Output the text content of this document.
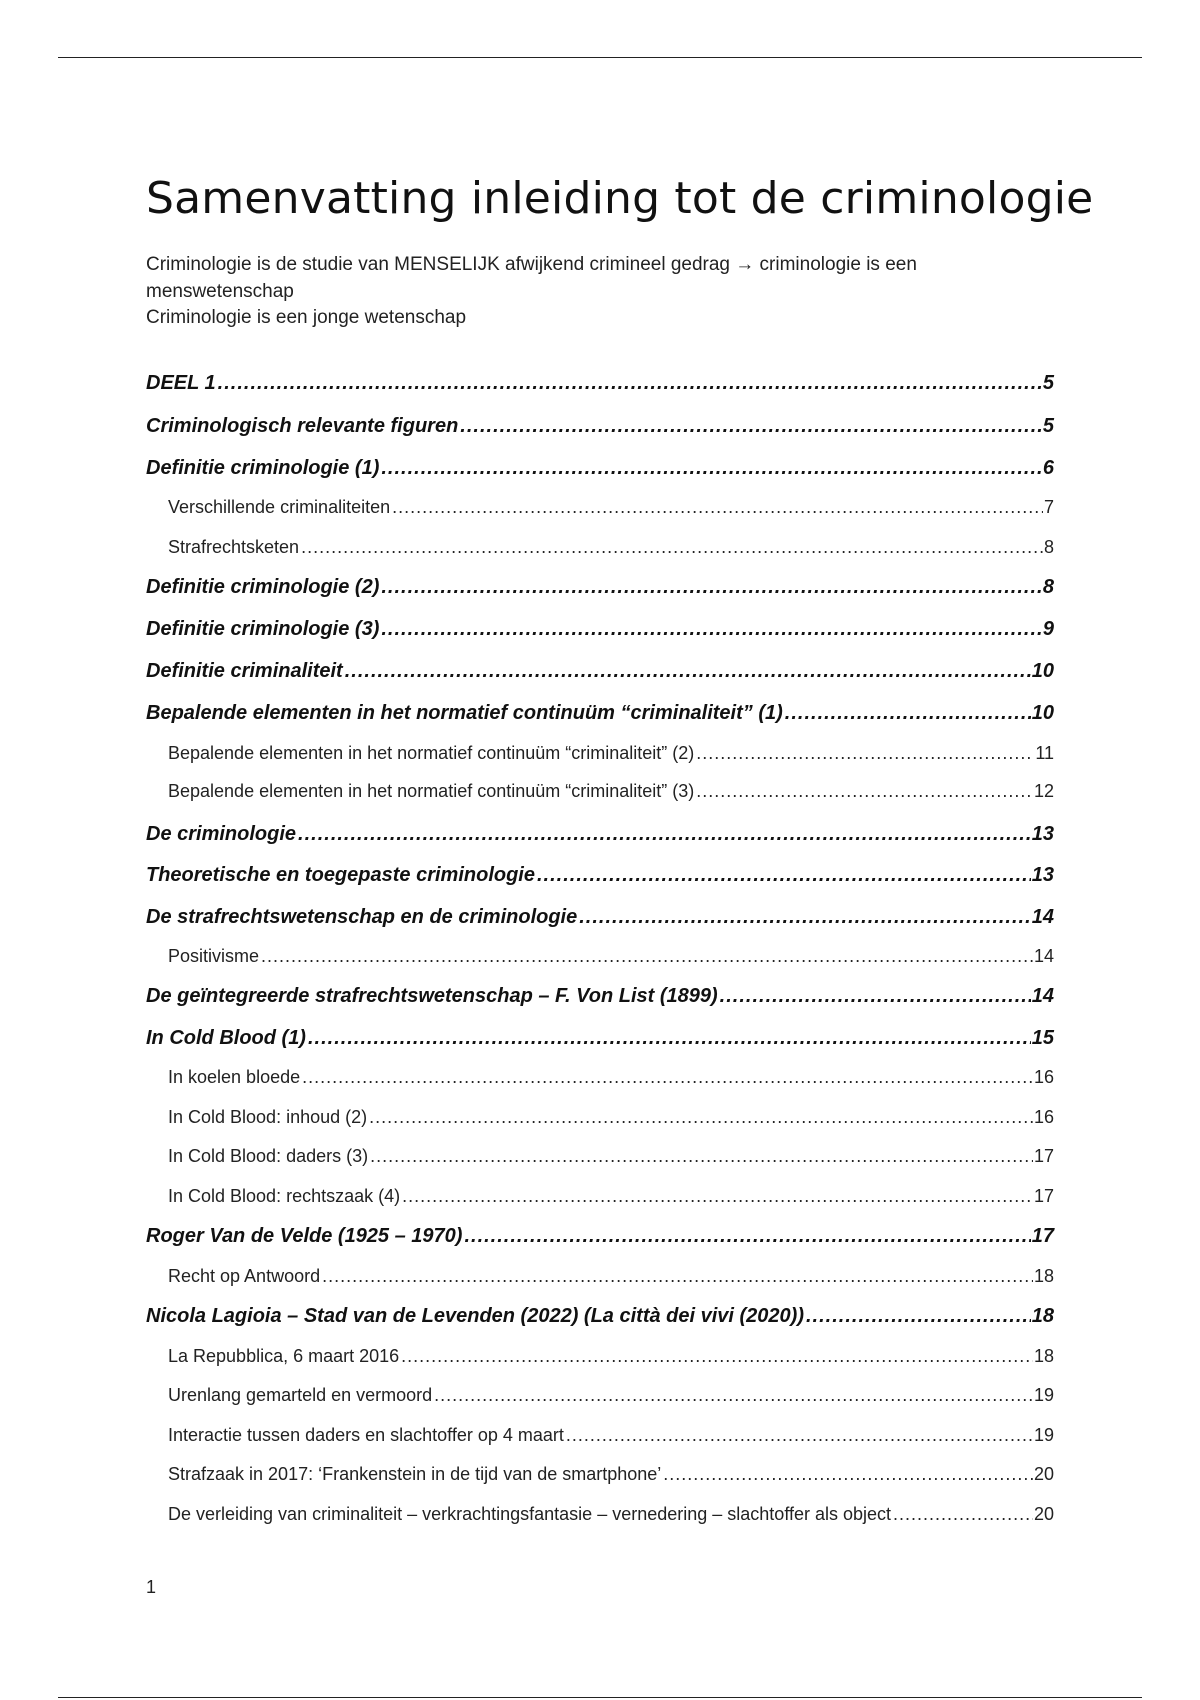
Samenvatting inleiding tot de criminologie

Criminologie is de studie van MENSELIJK afwijkend crimineel gedrag → criminologie is een menswetenschap

Criminologie is een jonge wetenschap

DEEL 1 .....	5
Criminologisch relevante figuren .....	5
Definitie criminologie (1) .....	6
Verschillende criminaliteiten .....	7
Strafrechtsketen .....	8
Definitie criminologie (2) .....	8
Definitie criminologie (3) .....	9
Definitie criminaliteit .....	10
Bepalende elementen in het normatief continuüm “criminaliteit” (1) .....	10
Bepalende elementen in het normatief continuüm “criminaliteit” (2) .....	11
Bepalende elementen in het normatief continuüm “criminaliteit” (3) .....	12
De criminologie .....	13
Theoretische en toegepaste criminologie .....	13
De strafrechtswetenschap en de criminologie .....	14
Positivisme .....	14
De geïntegreerde strafrechtswetenschap – F. Von List (1899) .....	14
In Cold Blood (1) .....	15
In koelen bloede .....	16
In Cold Blood: inhoud (2) .....	16
In Cold Blood: daders (3) .....	17
In Cold Blood: rechtszaak (4) .....	17
Roger Van de Velde (1925 – 1970) .....	17
Recht op Antwoord .....	18
Nicola Lagioia – Stad van de Levenden (2022) (La città dei vivi (2020)) .....	18
La Repubblica, 6 maart 2016 .....	18
Urenlang gemarteld en vermoord .....	19
Interactie tussen daders en slachtoffer op 4 maart .....	19
Strafzaak in 2017: ‘Frankenstein in de tijd van de smartphone’ .....	20
De verleiding van criminaliteit – verkrachtingsfantasie – vernedering – slachtoffer als object .....	20
1
